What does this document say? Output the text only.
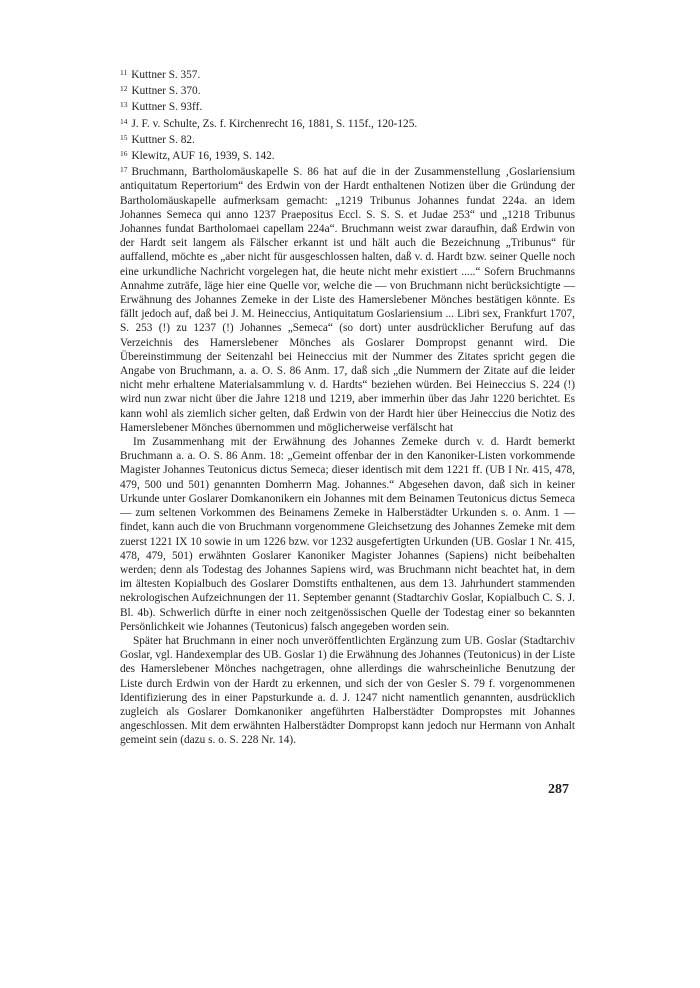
$^{11}$ Kuttner S. 357.

$^{12}$ Kuttner S. 370.

$^{13}$ Kuttner S. 93ff.

$^{14}$ J. F. v. Schulte, Zs. f. Kirchenrecht 16, 1881, S. 115f., 120-125.

$^{15}$ Kuttner S. 82.

$^{16}$ Klewitz, AUF 16, 1939, S. 142.

$^{17}$ Bruchmann, Bartholomäuskapelle S. 86 hat auf die in der Zusammenstellung ‚Goslariensium antiquitatum Repertorium“ des Erdwin von der Hardt enthaltenen Notizen über die Gründung der Bartholomäuskapelle aufmerksam gemacht: „1219 Tribunus Johannes fundat 224a. an idem Johannes Semeca qui anno 1237 Praepositus Eccl. S. S. S. et Judae 253“ und „1218 Tribunus Johannes fundat Bartholomaei capellam 224a“. Bruchmann weist zwar daraufhin, daß Erdwin von der Hardt seit langem als Fälscher erkannt ist und hält auch die Bezeichnung „Tribunus“ für auffallend, möchte es „aber nicht für ausgeschlossen halten, daß v. d. Hardt bzw. seiner Quelle noch eine urkundliche Nachricht vorgelegen hat, die heute nicht mehr existiert .....“ Sofern Bruchmanns Annahme zuträfe, läge hier eine Quelle vor, welche die — von Bruchmann nicht berücksichtigte — Erwähnung des Johannes Zemeke in der Liste des Hamerslebener Mönches bestätigen könnte. Es fällt jedoch auf, daß bei J. M. Heineccius, Antiquitatum Goslariensium ... Libri sex, Frankfurt 1707, S. 253 (!) zu 1237 (!) Johannes „Semeca“ (so dort) unter ausdrücklicher Berufung auf das Verzeichnis des Hamerslebener Mönches als Goslarer Dompropst genannt wird. Die Übereinstimmung der Seitenzahl bei Heineccius mit der Nummer des Zitates spricht gegen die Angabe von Bruchmann, a. a. O. S. 86 Anm. 17, daß sich „die Nummern der Zitate auf die leider nicht mehr erhaltene Materialsammlung v. d. Hardts“ beziehen würden. Bei Heineccius S. 224 (!) wird nun zwar nicht über die Jahre 1218 und 1219, aber immerhin über das Jahr 1220 berichtet. Es kann wohl als ziemlich sicher gelten, daß Erdwin von der Hardt hier über Heineccius die Notiz des Hamerslebener Mönches übernommen und möglicherweise verfälscht hat

Im Zusammenhang mit der Erwähnung des Johannes Zemeke durch v. d. Hardt bemerkt Bruchmann a. a. O. S. 86 Anm. 18: „Gemeint offenbar der in den Kanoniker-Listen vorkommende Magister Johannes Teutonicus dictus Semeca; dieser identisch mit dem 1221 ff. (UB I Nr. 415, 478, 479, 500 und 501) genannten Domherrn Mag. Johannes.“ Abgesehen davon, daß sich in keiner Urkunde unter Goslarer Domkanonikern ein Johannes mit dem Beinamen Teutonicus dictus Semeca — zum seltenen Vorkommen des Beinamens Zemeke in Halberstädter Urkunden s. o. Anm. 1 — findet, kann auch die von Bruchmann vorgenommene Gleichsetzung des Johannes Zemeke mit dem zuerst 1221 IX 10 sowie in um 1226 bzw. vor 1232 ausgefertigten Urkunden (UB. Goslar 1 Nr. 415, 478, 479, 501) erwähnten Goslarer Kanoniker Magister Johannes (Sapiens) nicht beibehalten werden; denn als Todestag des Johannes Sapiens wird, was Bruchmann nicht beachtet hat, in dem im ältesten Kopialbuch des Goslarer Domstifts enthaltenen, aus dem 13. Jahrhundert stammenden nekrologischen Aufzeichnungen der 11. September genannt (Stadtarchiv Goslar, Kopialbuch C. S. J. Bl. 4b). Schwerlich dürfte in einer noch zeitgenössischen Quelle der Todestag einer so bekannten Persönlichkeit wie Johannes (Teutonicus) falsch angegeben worden sein.

Später hat Bruchmann in einer noch unveröffentlichten Ergänzung zum UB. Goslar (Stadtarchiv Goslar, vgl. Handexemplar des UB. Goslar 1) die Erwähnung des Johannes (Teutonicus) in der Liste des Hamerslebener Mönches nachgetragen, ohne allerdings die wahrscheinliche Benutzung der Liste durch Erdwin von der Hardt zu erkennen, und sich der von Gesler S. 79 f. vorgenommenen Identifizierung des in einer Papsturkunde a. d. J. 1247 nicht namentlich genannten, ausdrücklich zugleich als Goslarer Domkanoniker angeführten Halberstädter Dompropstes mit Johannes angeschlossen. Mit dem erwähnten Halberstädter Dompropst kann jedoch nur Hermann von Anhalt gemeint sein (dazu s. o. S. 228 Nr. 14).

287
